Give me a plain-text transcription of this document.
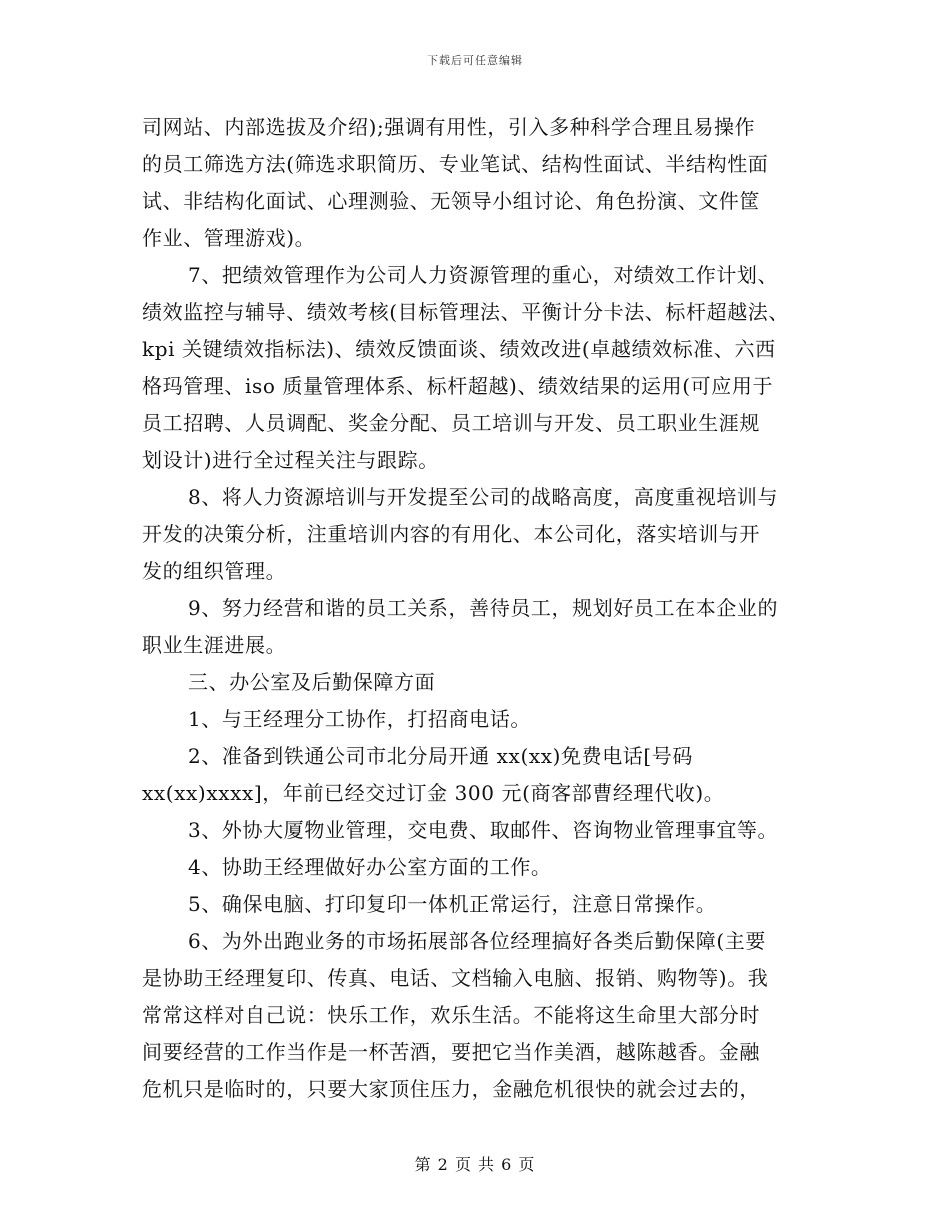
下载后可任意编辑
司网站、内部选拔及介绍);强调有用性，引入多种科学合理且易操作
的员工筛选方法(筛选求职简历、专业笔试、结构性面试、半结构性面
试、非结构化面试、心理测验、无领导小组讨论、角色扮演、文件筐
作业、管理游戏)。
7、把绩效管理作为公司人力资源管理的重心，对绩效工作计划、
绩效监控与辅导、绩效考核(目标管理法、平衡计分卡法、标杆超越法、
kpi 关键绩效指标法)、绩效反馈面谈、绩效改进(卓越绩效标准、六西
格玛管理、iso 质量管理体系、标杆超越)、绩效结果的运用(可应用于
员工招聘、人员调配、奖金分配、员工培训与开发、员工职业生涯规
划设计)进行全过程关注与跟踪。
8、将人力资源培训与开发提至公司的战略高度，高度重视培训与
开发的决策分析，注重培训内容的有用化、本公司化，落实培训与开
发的组织管理。
9、努力经营和谐的员工关系，善待员工，规划好员工在本企业的
职业生涯进展。
三、办公室及后勤保障方面
1、与王经理分工协作，打招商电话。
2、准备到铁通公司市北分局开通 xx(xx)免费电话[号码
xx(xx)xxxx]，年前已经交过订金 300 元(商客部曹经理代收)。
3、外协大厦物业管理，交电费、取邮件、咨询物业管理事宜等。
4、协助王经理做好办公室方面的工作。
5、确保电脑、打印复印一体机正常运行，注意日常操作。
6、为外出跑业务的市场拓展部各位经理搞好各类后勤保障(主要
是协助王经理复印、传真、电话、文档输入电脑、报销、购物等)。我
常常这样对自己说：快乐工作，欢乐生活。不能将这生命里大部分时
间要经营的工作当作是一杯苦酒，要把它当作美酒，越陈越香。金融
危机只是临时的，只要大家顶住压力，金融危机很快的就会过去的，
第 2 页 共 6 页
